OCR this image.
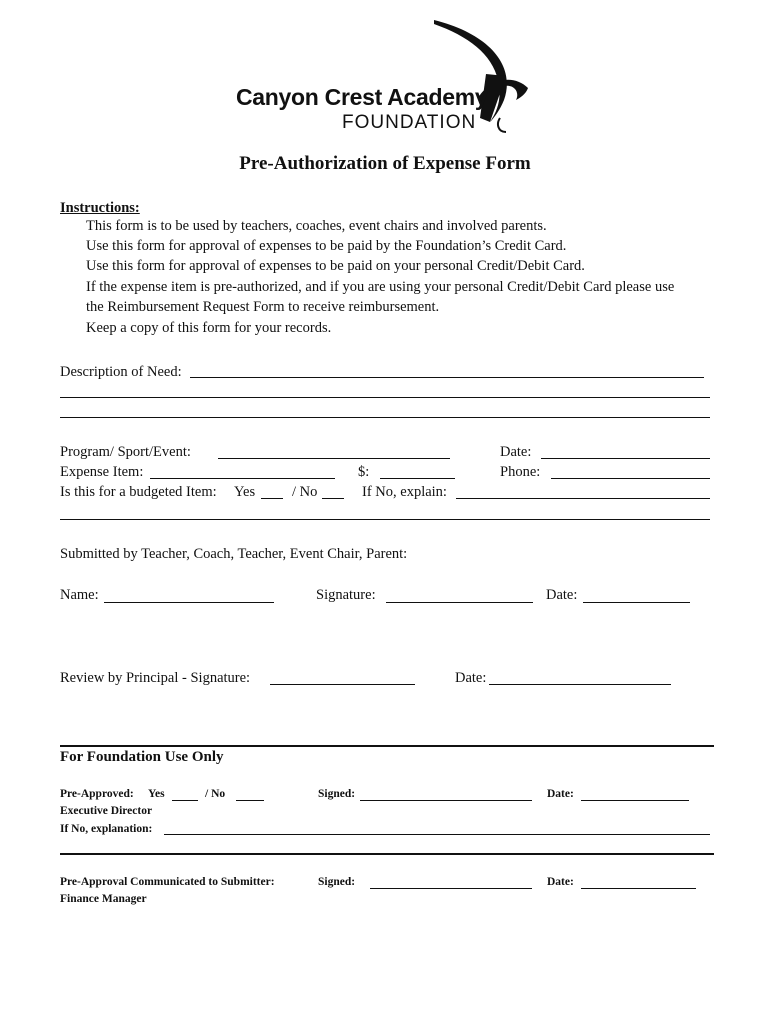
Canyon Crest Academy
FOUNDATION
Pre-Authorization of Expense Form
Instructions:
This form is to be used by teachers, coaches, event chairs and involved parents.
Use this form for approval of expenses to be paid by the Foundation’s Credit Card.
Use this form for approval of expenses to be paid on your personal Credit/Debit Card.
If the expense item is pre-authorized, and if you are using your personal Credit/Debit Card please use
the Reimbursement Request Form to receive reimbursement.
Keep a copy of this form for your records.
Description of Need:
Program/ Sport/Event:	Date:
Expense Item:	$:	Phone:
Is this for a budgeted Item: Yes	/ No	If No, explain:
Submitted by Teacher, Coach, Teacher, Event Chair, Parent:
Name:	Signature:	Date:
Review by Principal - Signature:	Date:
For Foundation Use Only
Pre-Approved: Yes	/ No	Signed:	Date:
Executive Director
If No, explanation:
Pre-Approval Communicated to Submitter:	Signed:	Date:
Finance Manager
